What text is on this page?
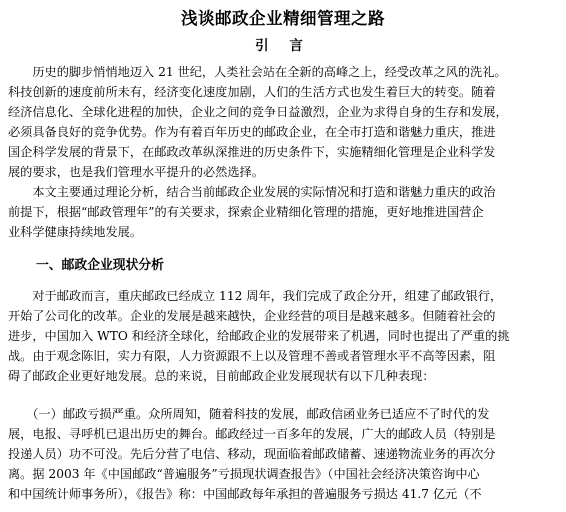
浅谈邮政企业精细管理之路
引 言
　　历史的脚步悄悄地迈入 21 世纪，人类社会站在全新的高峰之上，经受改革之风的洗礼。
科技创新的速度前所未有，经济变化速度加剧，人们的生活方式也发生着巨大的转变。随着
经济信息化、全球化进程的加快，企业之间的竞争日益激烈，企业为求得自身的生存和发展，
必须具备良好的竞争优势。作为有着百年历史的邮政企业，在全市打造和谐魅力重庆，推进
国企科学发展的背景下，在邮政改革纵深推进的历史条件下，实施精细化管理是企业科学发
展的要求，也是我们管理水平提升的必然选择。
　　本文主要通过理论分析，结合当前邮政企业发展的实际情况和打造和谐魅力重庆的政治
前提下，根据“邮政管理年”的有关要求，探索企业精细化管理的措施，更好地推进国营企
业科学健康持续地发展。
一、邮政企业现状分析
　　对于邮政而言，重庆邮政已经成立 112 周年，我们完成了政企分开，组建了邮政银行，
开始了公司化的改革。企业的发展是越来越快，企业经营的项目是越来越多。但随着社会的
进步，中国加入 WTO 和经济全球化，给邮政企业的发展带来了机遇，同时也提出了严重的挑
战。由于观念陈旧，实力有限，人力资源跟不上以及管理不善或者管理水平不高等因素，阻
碍了邮政企业更好地发展。总的来说，目前邮政企业发展现状有以下几种表现：
　　（一）邮政亏损严重。众所周知，随着科技的发展，邮政信函业务已适应不了时代的发
展，电报、寻呼机已退出历史的舞台。邮政经过一百多年的发展，广大的邮政人员（特别是
投递人员）功不可没。先后分营了电信、移动，现面临着邮政储蓄、速递物流业务的再次分
离。据 2003 年《中国邮政“普遍服务”亏损现状调查报告》（中国社会经济决策咨询中心
和中国统计师事务所），《报告》称：中国邮政每年承担的普遍服务亏损达 41.7 亿元（不
